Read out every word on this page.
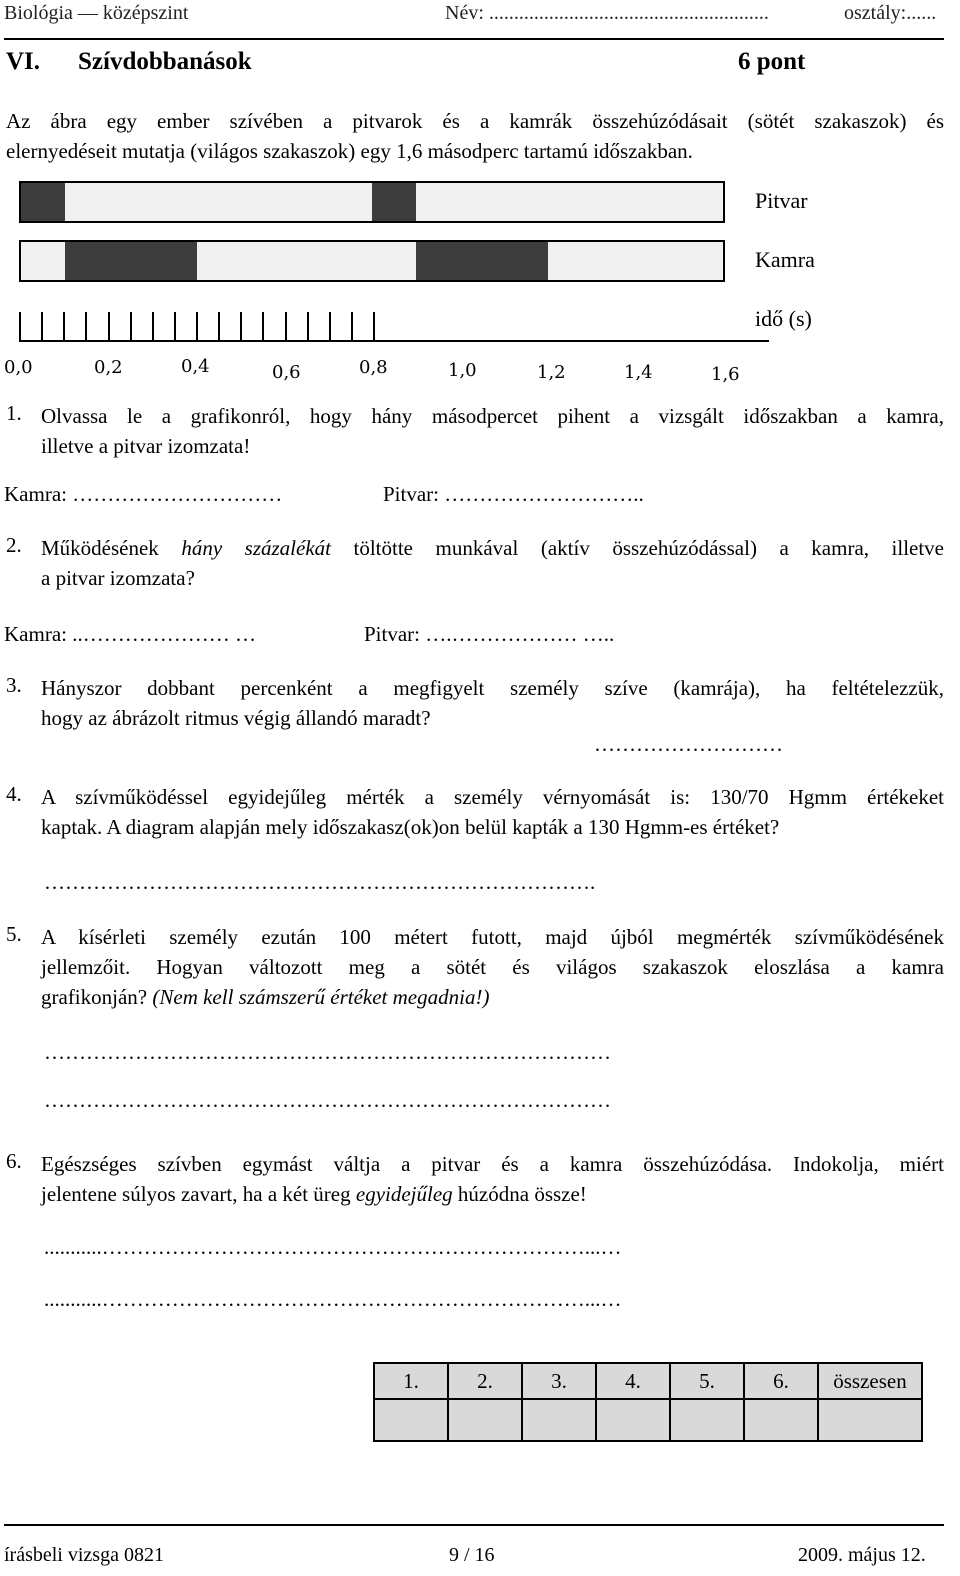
Biológia — középszint	Név: ........................................................	osztály:......
VI. Szívdobbanások	6 pont
Az ábra egy ember szívében a pitvarok és a kamrák összehúzódásait (sötét szakaszok) és
elernyedéseit mutatja (világos szakaszok) egy 1,6 másodperc tartamú időszakban.
Pitvar
Kamra
idő (s)
0,0	0,2	0,4	0,6	0,8	1,0	1,2	1,4	1,6
1. Olvassa le a grafikonról, hogy hány másodpercet pihent a vizsgált időszakban a kamra,
illetve a pitvar izomzata!
Kamra: …………………………	Pitvar: ………………………..
2. Működésének hány százalékát töltötte munkával (aktív összehúzódással) a kamra, illetve
a pitvar izomzata?
Kamra: ..………………… …	Pitvar: ….……………… …..
3. Hányszor dobbant percenként a megfigyelt személy szíve (kamrája), ha feltételezzük,
hogy az ábrázolt ritmus végig állandó maradt?
………………………
4. A szívműködéssel egyidejűleg mérték a személy vérnyomását is: 130/70 Hgmm értékeket
kaptak. A diagram alapján mely időszakasz(ok)on belül kapták a 130 Hgmm-es értéket?
…………………………………………………………………….
5. A kísérleti személy ezután 100 métert futott, majd újból megmérték szívműködésének
jellemzőit. Hogyan változott meg a sötét és világos szakaszok eloszlása a kamra
grafikonján? (Nem kell számszerű értéket megadnia!)
………………………………………………………………………
………………………………………………………………………
6. Egészséges szívben egymást váltja a pitvar és a kamra összehúzódása. Indokolja, miért
jelentene súlyos zavart, ha a két üreg egyidejűleg húzódna össze!
...........……………………………………………………………...…
...........……………………………………………………………...…
1.	2.	3.	4.	5.	6.	összesen

írásbeli vizsga 0821	9 / 16	2009. május 12.
